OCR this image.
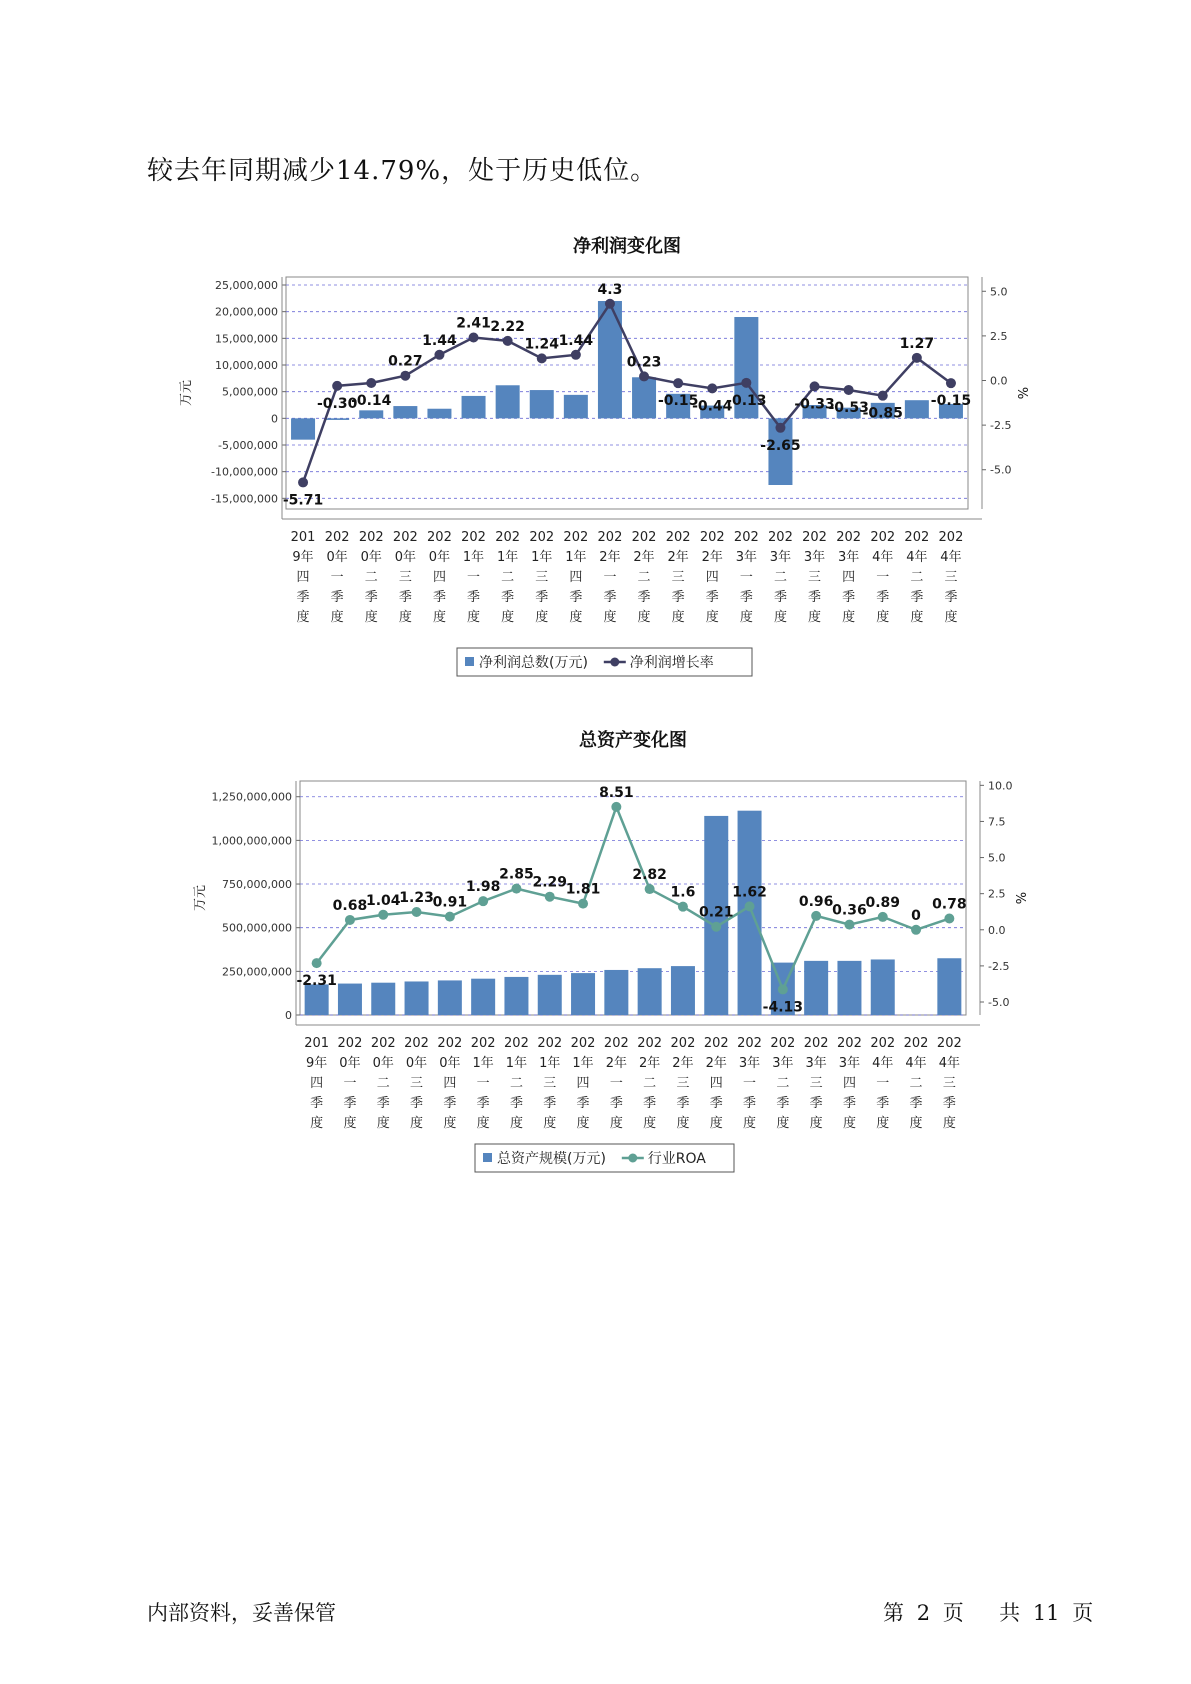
较去年同期减少14.79%，处于历史低位。
净利润变化图
25,000,000
20,000,000
15,000,000
10,000,000
5,000,000
0
-5,000,000
-10,000,000
-15,000,000
5.0
2.5
0.0
-2.5
-5.0
万元	%
-5.71
-0.30
-0.14
0.27
1.44
2.41 2.22
1.24 1.44
4.3
0.23
-0.15
-0.44
-0.13
-2.65
-0.33
-0.53
-0.85
1.27
-0.15
201
9年
四
季
度
202
0年
一
季
度
202
0年
二
季
度
202
0年
三
季
度
202
0年
四
季
度
202
1年
一
季
度
202
1年
二
季
度
202
1年
三
季
度
202
1年
四
季
度
202
2年
一
季
度
202
2年
二
季
度
202
2年
三
季
度
202
2年
四
季
度
202
3年
一
季
度
202
3年
二
季
度
202
3年
三
季
度
202
3年
四
季
度
202
4年
一
季
度
202
4年
二
季
度
202
4年
三
季
度
净利润总数(万元)	净利润增长率
总资产变化图
1,250,000,000
1,000,000,000
750,000,000
500,000,000
250,000,000
0
10.0
7.5
5.0
2.5
0.0
-2.5
-5.0
万元	%
-2.31
0.68
1.04
1.23
0.91
1.98
2.85
2.29
1.81
8.51
2.82
1.6
0.21
1.62
-4.13
0.96
0.36
0.89
0
0.78
201
9年
四
季
度
202
0年
一
季
度
202
0年
二
季
度
202
0年
三
季
度
202
0年
四
季
度
202
1年
一
季
度
202
1年
二
季
度
202
1年
三
季
度
202
1年
四
季
度
202
2年
一
季
度
202
2年
二
季
度
202
2年
三
季
度
202
2年
四
季
度
202
3年
一
季
度
202
3年
二
季
度
202
3年
三
季
度
202
3年
四
季
度
202
4年
一
季
度
202
4年
二
季
度
202
4年
三
季
度
总资产规模(万元)	行业ROA
内部资料，妥善保管	第 2 页 共 11 页
